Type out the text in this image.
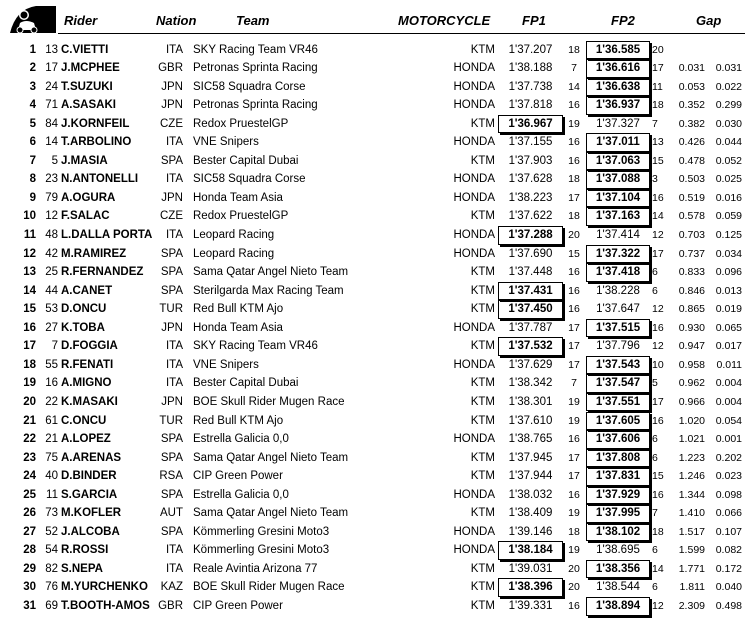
Rider	Nation	Team	MOTORCYCLE FP1	FP2	Gap
1 13 C.VIETTI	ITA SKY Racing Team VR46	KTM	1'37.207	18	1'36.585	20
2 17 J.MCPHEE	GBR Petronas Sprinta Racing	HONDA	1'38.188	7	1'36.616	17	0.031 0.031
3 24 T.SUZUKI	JPN SIC58 Squadra Corse	HONDA	1'37.738	14	1'36.638	11	0.053 0.022
4 71 A.SASAKI	JPN Petronas Sprinta Racing	HONDA	1'37.818	16	1'36.937	18	0.352 0.299
5 84 J.KORNFEIL	CZE Redox PruestelGP	KTM	1'36.967	19	1'37.327	7	0.382 0.030
6 14 T.ARBOLINO	ITA VNE Snipers	HONDA	1'37.155	16	1'37.011	13	0.426 0.044
7 5 J.MASIA	SPA Bester Capital Dubai	KTM	1'37.903	16	1'37.063	15	0.478 0.052
8 23 N.ANTONELLI ITA SIC58 Squadra Corse	HONDA	1'37.628	18	1'37.088	3	0.503 0.025
9 79 A.OGURA	JPN Honda Team Asia	HONDA	1'38.223	17	1'37.104	16	0.519 0.016
10 12 F.SALAC	CZE Redox PruestelGP	KTM	1'37.622	18	1'37.163	14	0.578 0.059
11 48 L.DALLA PORTA ITA Leopard Racing	HONDA	1'37.288	20	1'37.414	12	0.703 0.125
12 42 M.RAMIREZ	SPA Leopard Racing	HONDA	1'37.690	15	1'37.322	17	0.737 0.034
13 25 R.FERNANDEZ SPA Sama Qatar Angel Nieto Team	KTM	1'37.448	16	1'37.418	6	0.833 0.096
14 44 A.CANET	SPA Sterilgarda Max Racing Team	KTM	1'37.431	16	1'38.228	6	0.846 0.013
15 53 D.ONCU	TUR Red Bull KTM Ajo	KTM	1'37.450	16	1'37.647	12	0.865 0.019
16 27 K.TOBA	JPN Honda Team Asia	HONDA	1'37.787	17	1'37.515	16	0.930 0.065
17 7 D.FOGGIA	ITA SKY Racing Team VR46	KTM	1'37.532	17	1'37.796	12	0.947 0.017
18 55 R.FENATI	ITA VNE Snipers	HONDA	1'37.629	17	1'37.543	10	0.958 0.011
19 16 A.MIGNO	ITA Bester Capital Dubai	KTM	1'38.342	7	1'37.547	5	0.962 0.004
20 22 K.MASAKI	JPN BOE Skull Rider Mugen Race	KTM	1'38.301	19	1'37.551	17	0.966 0.004
21 61 C.ONCU	TUR Red Bull KTM Ajo	KTM	1'37.610	19	1'37.605	16	1.020 0.054
22 21 A.LOPEZ	SPA Estrella Galicia 0,0	HONDA	1'38.765	16	1'37.606	6	1.021 0.001
23 75 A.ARENAS	SPA Sama Qatar Angel Nieto Team	KTM	1'37.945	17	1'37.808	6	1.223 0.202
24 40 D.BINDER	RSA CIP Green Power	KTM	1'37.944	17	1'37.831	15	1.246 0.023
25 11 S.GARCIA	SPA Estrella Galicia 0,0	HONDA	1'38.032	16	1'37.929	16	1.344 0.098
26 73 M.KOFLER	AUT Sama Qatar Angel Nieto Team	KTM	1'38.409	19	1'37.995	7	1.410 0.066
27 52 J.ALCOBA	SPA Kömmerling Gresini Moto3	HONDA	1'39.146	18	1'38.102	18	1.517 0.107
28 54 R.ROSSI	ITA Kömmerling Gresini Moto3	HONDA	1'38.184	19	1'38.695	6	1.599 0.082
29 82 S.NEPA	ITA Reale Avintia Arizona 77	KTM	1'39.031	20	1'38.356	14	1.771 0.172
30 76 M.YURCHENKO KAZ BOE Skull Rider Mugen Race	KTM	1'38.396	20	1'38.544	6	1.811 0.040
31 69 T.BOOTH-AMOS GBR CIP Green Power	KTM	1'39.331	16	1'38.894	12	2.309 0.498
